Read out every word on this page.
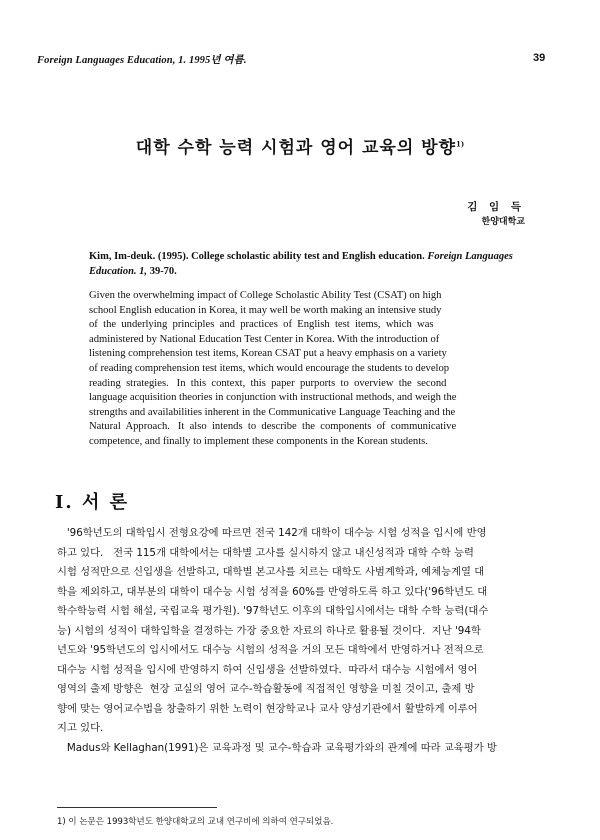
Foreign Languages Education, 1. 1995년 여름.	39
대학 수학 능력 시험과 영어 교육의 방향$^{1)}$
김 임 득
한양대학교
Kim, Im-deuk. (1995). College scholastic ability test and English education. Foreign Languages Education. 1, 39-70.
Given the overwhelming impact of College Scholastic Ability Test (CSAT) on high
school English education in Korea, it may well be worth making an intensive study
of  the  underlying  principles  and  practices  of  English  test  items,  which  was
administered by National Education Test Center in Korea. With the introduction of
listening comprehension test items, Korean CSAT put a heavy emphasis on a variety
of reading comprehension test items, which would encourage the students to develop
reading  strategies.   In  this  context,  this  paper  purports  to  overview  the  second
language acquisition theories in conjunction with instructional methods, and weigh the
strengths and availabilities inherent in the Communicative Language Teaching and the
Natural  Approach.   It  also  intends  to  describe  the  components  of  communicative
competence, and finally to implement these components in the Korean students.
I. 서 론
'96학년도의 대학입시 전형요강에 따르면 전국 142개 대학이 대수능 시험 성적을 입시에 반영
하고 있다.   전국 115개 대학에서는 대학별 고사를 실시하지 않고 내신성적과 대학 수학 능력
시험 성적만으로 신입생을 선발하고, 대학별 본고사를 치르는 대학도 사범계학과, 예체능계열 대
학을 제외하고, 대부분의 대학이 대수능 시험 성적을 60%를 반영하도록 하고 있다('96학년도 대
학수학능력 시험 해설, 국립교육 평가원). '97학년도 이후의 대학입시에서는 대학 수학 능력(대수
능) 시험의 성적이 대학입학을 결정하는 가장 중요한 자료의 하나로 활용될 것이다.  지난 '94학
년도와 '95학년도의 입시에서도 대수능 시험의 성적을 거의 모든 대학에서 반영하거나 전적으로
대수능 시험 성적을 입시에 반영하지 하여 신입생을 선발하였다.  따라서 대수능 시험에서 영어
영역의 출제 방향은  현장 교실의 영어 교수-학습활동에 직접적인 영향을 미칠 것이고, 출제 방
향에 맞는 영어교수법을 창출하기 위한 노력이 현장학교나 교사 양성기관에서 활발하게 이루어
지고 있다.
Madus와 Kellaghan(1991)은 교육과정 및 교수-학습과 교육평가와의 관계에 따라 교육평가 방
1) 이 논문은 1993학년도 한양대학교의 교내 연구비에 의하여 연구되었음.
